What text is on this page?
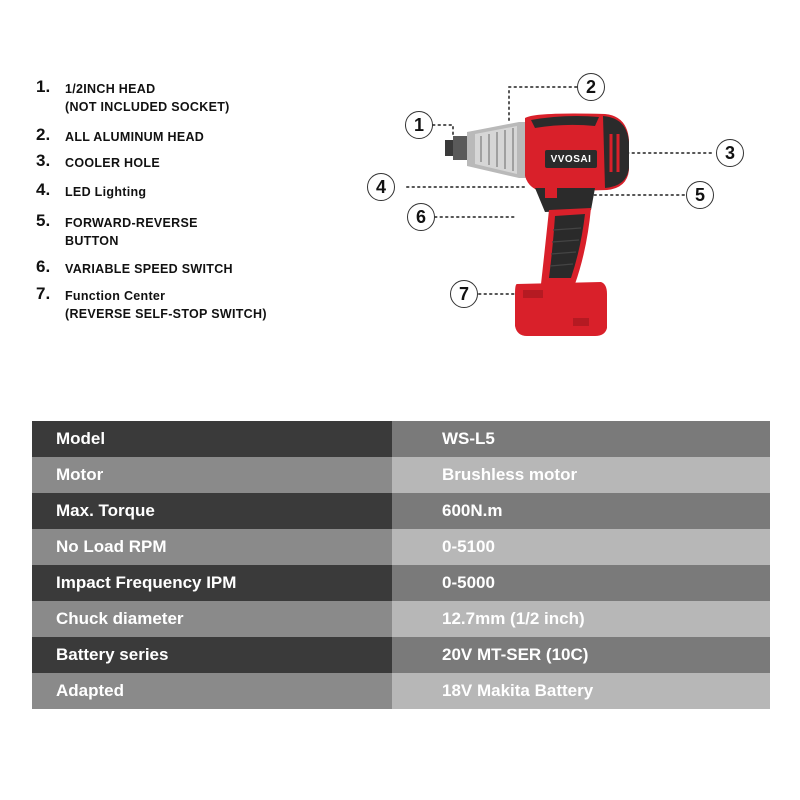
1. 1/2INCH HEAD
(NOT INCLUDED SOCKET)
2. ALL ALUMINUM HEAD
3. COOLER HOLE
4. LED Lighting
5. FORWARD-REVERSE
BUTTON
6. VARIABLE SPEED SWITCH
7. Function Center
(REVERSE SELF-STOP SWITCH)
VVOSAI
2
1
3
4	5
6
7
Model	WS-L5
Motor	Brushless motor
Max. Torque	600N.m
No Load RPM	0-5100
Impact Frequency IPM	0-5000
Chuck diameter	12.7mm (1/2 inch)
Battery series	20V MT-SER (10C)
Adapted	18V Makita Battery
